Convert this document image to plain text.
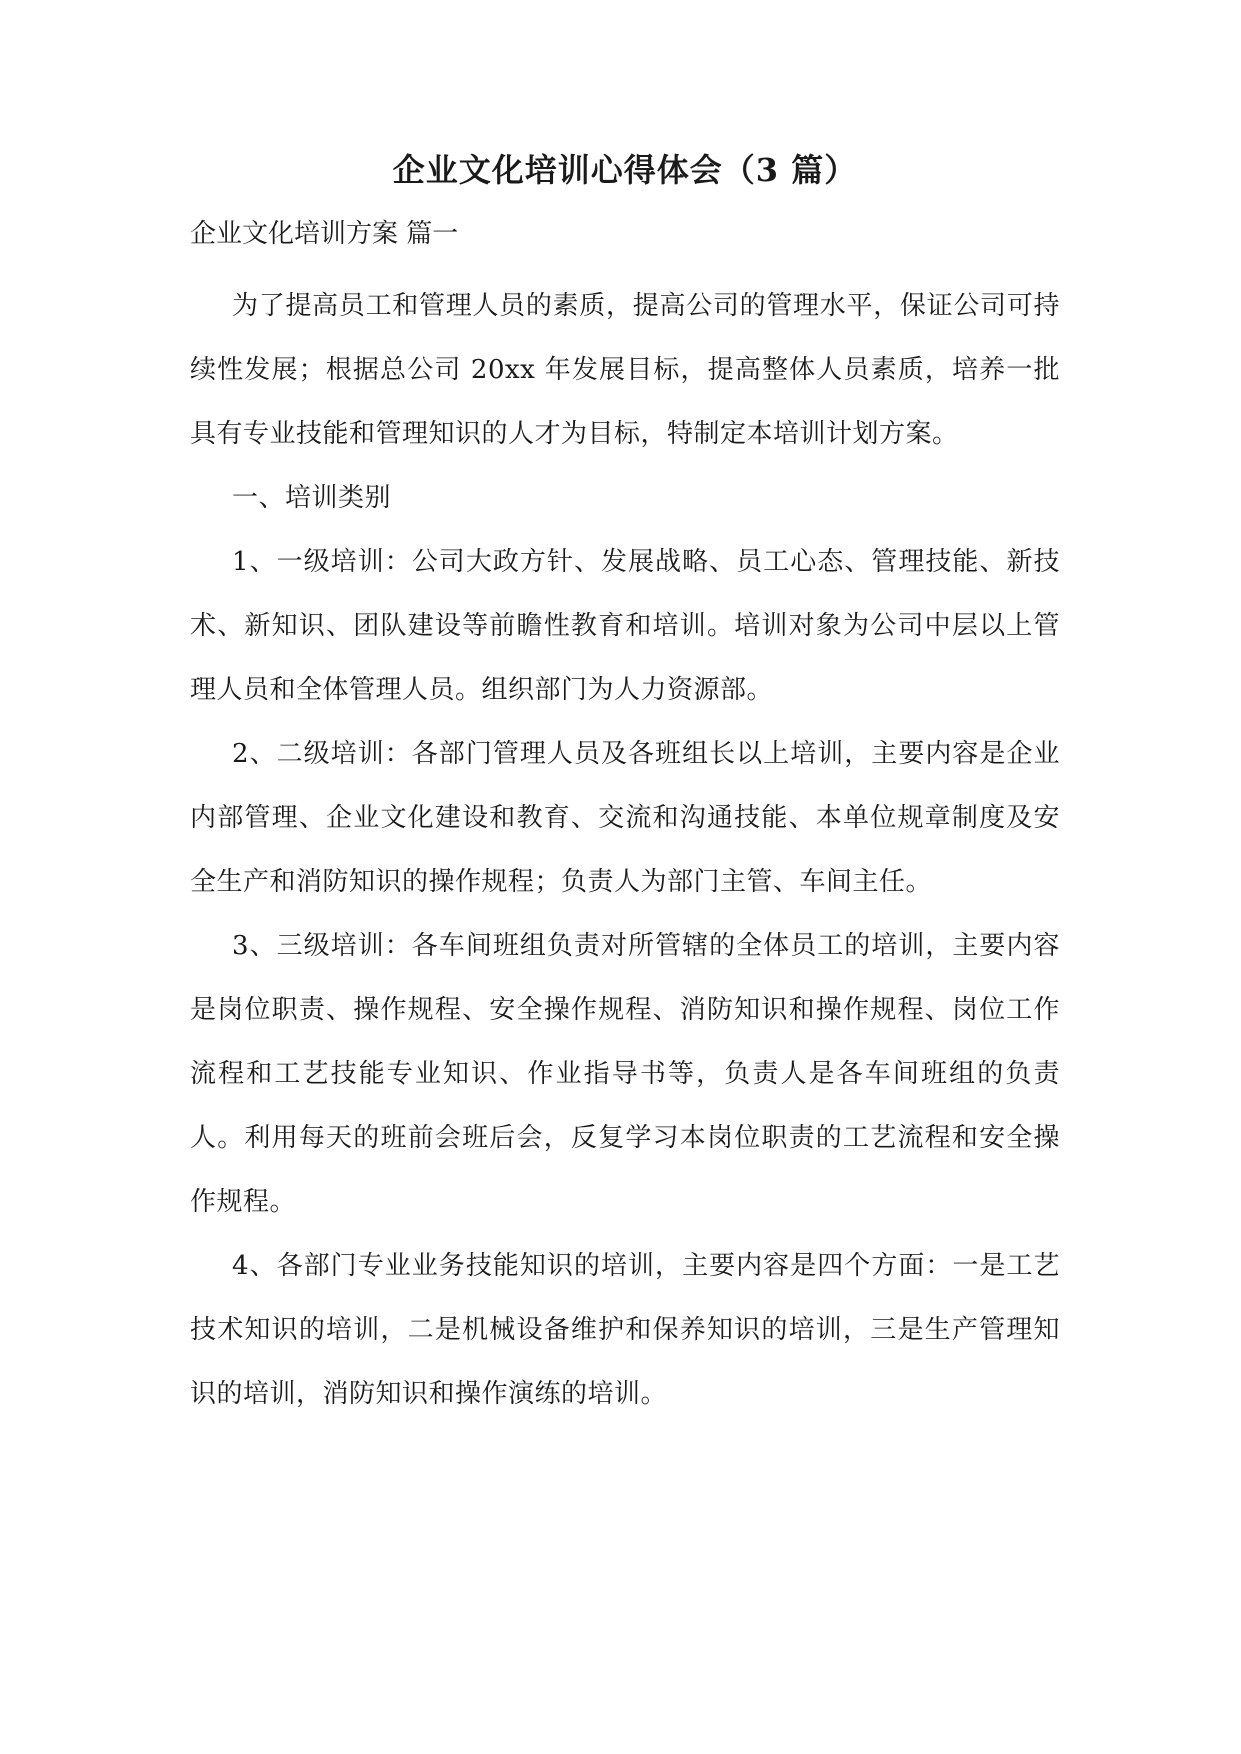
企业文化培训心得体会（3 篇）

企业文化培训方案 篇一

为了提高员工和管理人员的素质，提高公司的管理水平，保证公司可持续性发展；根据总公司 20xx 年发展目标，提高整体人员素质，培养一批具有专业技能和管理知识的人才为目标，特制定本培训计划方案。

一、培训类别

1、一级培训：公司大政方针、发展战略、员工心态、管理技能、新技术、新知识、团队建设等前瞻性教育和培训。培训对象为公司中层以上管理人员和全体管理人员。组织部门为人力资源部。

2、二级培训：各部门管理人员及各班组长以上培训，主要内容是企业内部管理、企业文化建设和教育、交流和沟通技能、本单位规章制度及安全生产和消防知识的操作规程；负责人为部门主管、车间主任。

3、三级培训：各车间班组负责对所管辖的全体员工的培训，主要内容是岗位职责、操作规程、安全操作规程、消防知识和操作规程、岗位工作流程和工艺技能专业知识、作业指导书等，负责人是各车间班组的负责人。利用每天的班前会班后会，反复学习本岗位职责的工艺流程和安全操作规程。

4、各部门专业业务技能知识的培训，主要内容是四个方面：一是工艺技术知识的培训，二是机械设备维护和保养知识的培训，三是生产管理知识的培训，消防知识和操作演练的培训。
